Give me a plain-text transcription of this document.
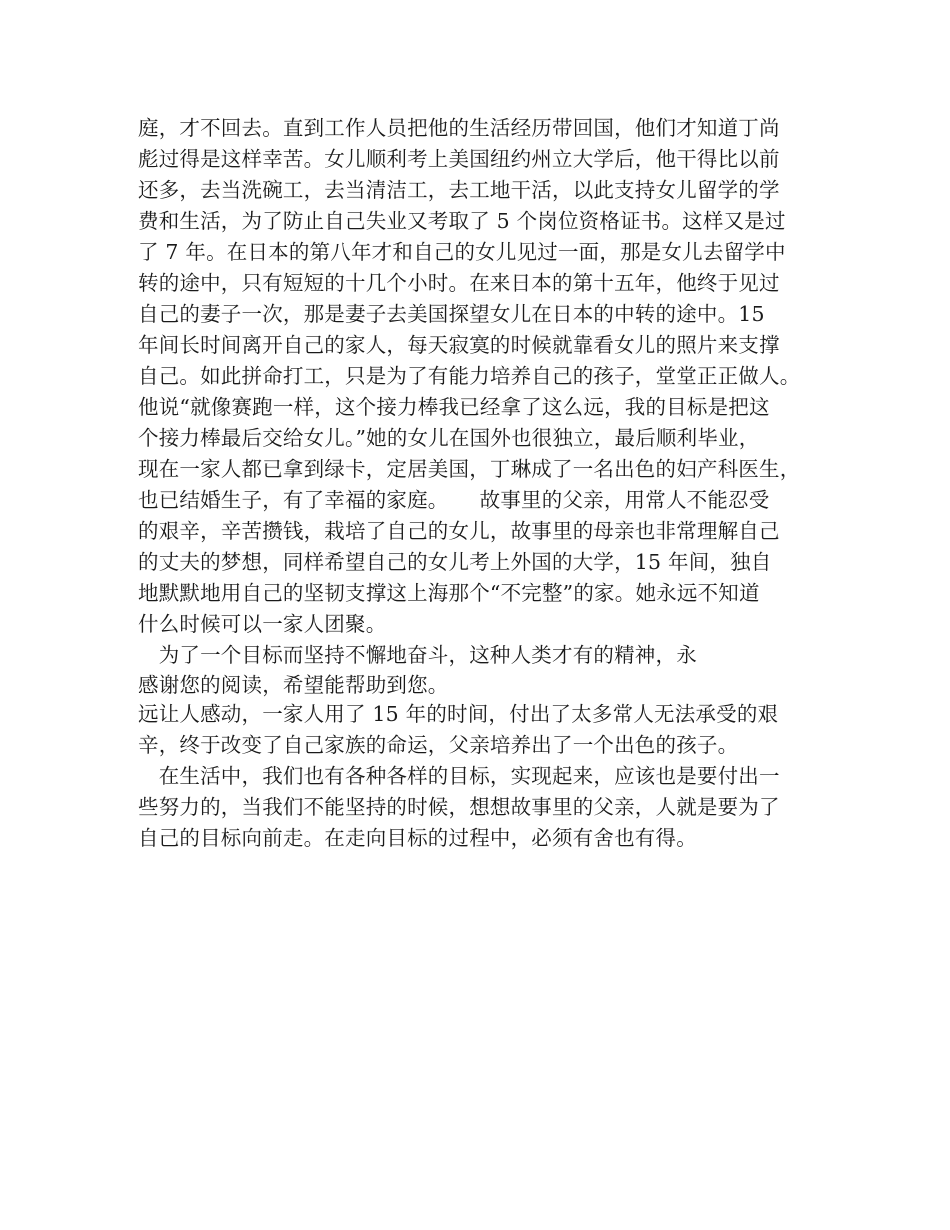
庭，才不回去。直到工作人员把他的生活经历带回国，他们才知道丁尚
彪过得是这样幸苦。女儿顺利考上美国纽约州立大学后，他干得比以前
还多，去当洗碗工，去当清洁工，去工地干活，以此支持女儿留学的学
费和生活，为了防止自己失业又考取了 5 个岗位资格证书。这样又是过
了 7 年。在日本的第八年才和自己的女儿见过一面，那是女儿去留学中
转的途中，只有短短的十几个小时。在来日本的第十五年，他终于见过
自己的妻子一次，那是妻子去美国探望女儿在日本的中转的途中。15
年间长时间离开自己的家人，每天寂寞的时候就靠看女儿的照片来支撑
自己。如此拼命打工，只是为了有能力培养自己的孩子，堂堂正正做人。
他说“就像赛跑一样，这个接力棒我已经拿了这么远，我的目标是把这
个接力棒最后交给女儿。”她的女儿在国外也很独立，最后顺利毕业，
现在一家人都已拿到绿卡，定居美国，丁琳成了一名出色的妇产科医生，
也已结婚生子，有了幸福的家庭。　　故事里的父亲，用常人不能忍受
的艰辛，辛苦攒钱，栽培了自己的女儿，故事里的母亲也非常理解自己
的丈夫的梦想，同样希望自己的女儿考上外国的大学，15 年间，独自
地默默地用自己的坚韧支撑这上海那个“不完整”的家。她永远不知道
什么时候可以一家人团聚。
　为了一个目标而坚持不懈地奋斗，这种人类才有的精神，永
感谢您的阅读，希望能帮助到您。
远让人感动，一家人用了 15 年的时间，付出了太多常人无法承受的艰
辛，终于改变了自己家族的命运，父亲培养出了一个出色的孩子。
　在生活中，我们也有各种各样的目标，实现起来，应该也是要付出一
些努力的，当我们不能坚持的时候，想想故事里的父亲，人就是要为了
自己的目标向前走。在走向目标的过程中，必须有舍也有得。
